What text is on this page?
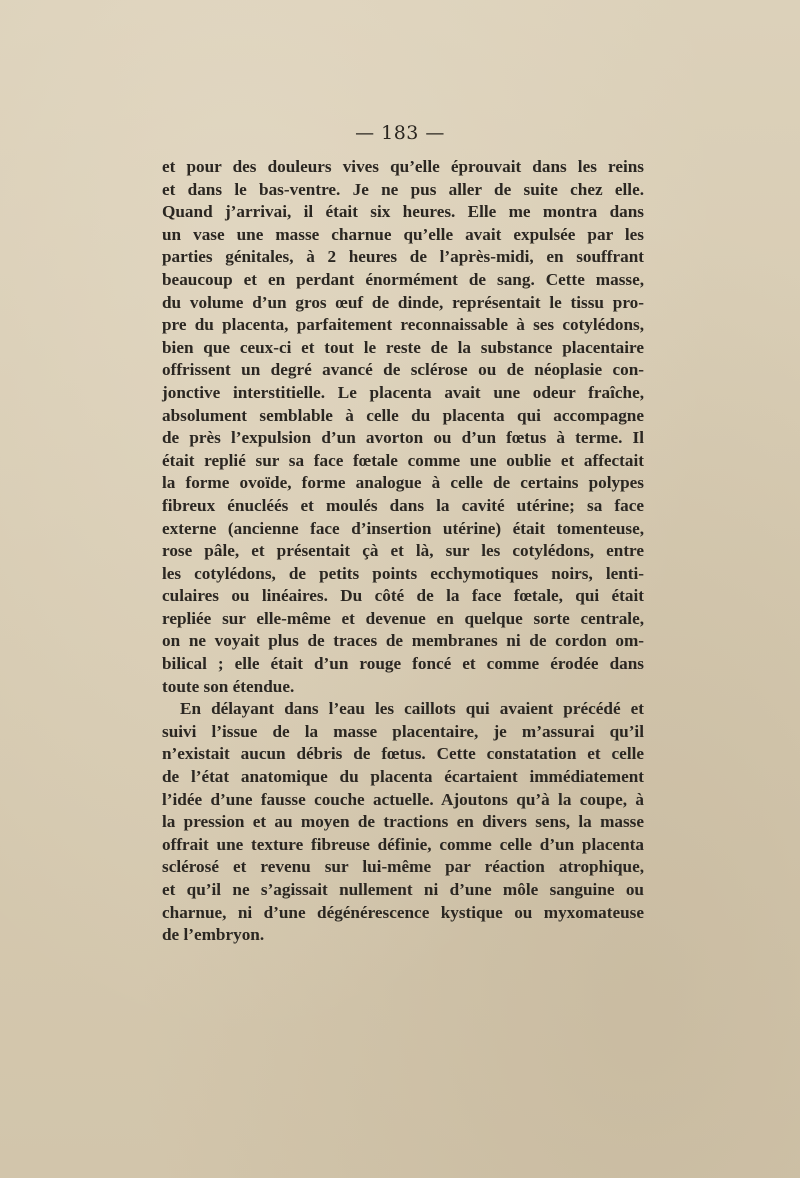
— 183 —
et pour des douleurs vives qu’elle éprouvait dans les reins
et dans le bas-ventre. Je ne pus aller de suite chez elle.
Quand j’arrivai, il était six heures. Elle me montra dans
un vase une masse charnue qu’elle avait expulsée par les
parties génitales, à 2 heures de l’après-midi, en souffrant
beaucoup et en perdant énormément de sang. Cette masse,
du volume d’un gros œuf de dinde, représentait le tissu pro-
pre du placenta, parfaitement reconnaissable à ses cotylédons,
bien que ceux-ci et tout le reste de la substance placentaire
offrissent un degré avancé de sclérose ou de néoplasie con-
jonctive interstitielle. Le placenta avait une odeur fraîche,
absolument semblable à celle du placenta qui accompagne
de près l’expulsion d’un avorton ou d’un fœtus à terme. Il
était replié sur sa face fœtale comme une oublie et affectait
la forme ovoïde, forme analogue à celle de certains polypes
fibreux énucléés et moulés dans la cavité utérine; sa face
externe (ancienne face d’insertion utérine) était tomenteuse,
rose pâle, et présentait çà et là, sur les cotylédons, entre
les cotylédons, de petits points ecchymotiques noirs, lenti-
culaires ou linéaires. Du côté de la face fœtale, qui était
repliée sur elle-même et devenue en quelque sorte centrale,
on ne voyait plus de traces de membranes ni de cordon om-
bilical ; elle était d’un rouge foncé et comme érodée dans
toute son étendue.
En délayant dans l’eau les caillots qui avaient précédé et
suivi l’issue de la masse placentaire, je m’assurai qu’il
n’existait aucun débris de fœtus. Cette constatation et celle
de l’état anatomique du placenta écartaient immédiatement
l’idée d’une fausse couche actuelle. Ajoutons qu’à la coupe, à
la pression et au moyen de tractions en divers sens, la masse
offrait une texture fibreuse définie, comme celle d’un placenta
sclérosé et revenu sur lui-même par réaction atrophique,
et qu’il ne s’agissait nullement ni d’une môle sanguine ou
charnue, ni d’une dégénérescence kystique ou myxomateuse
de l’embryon.
